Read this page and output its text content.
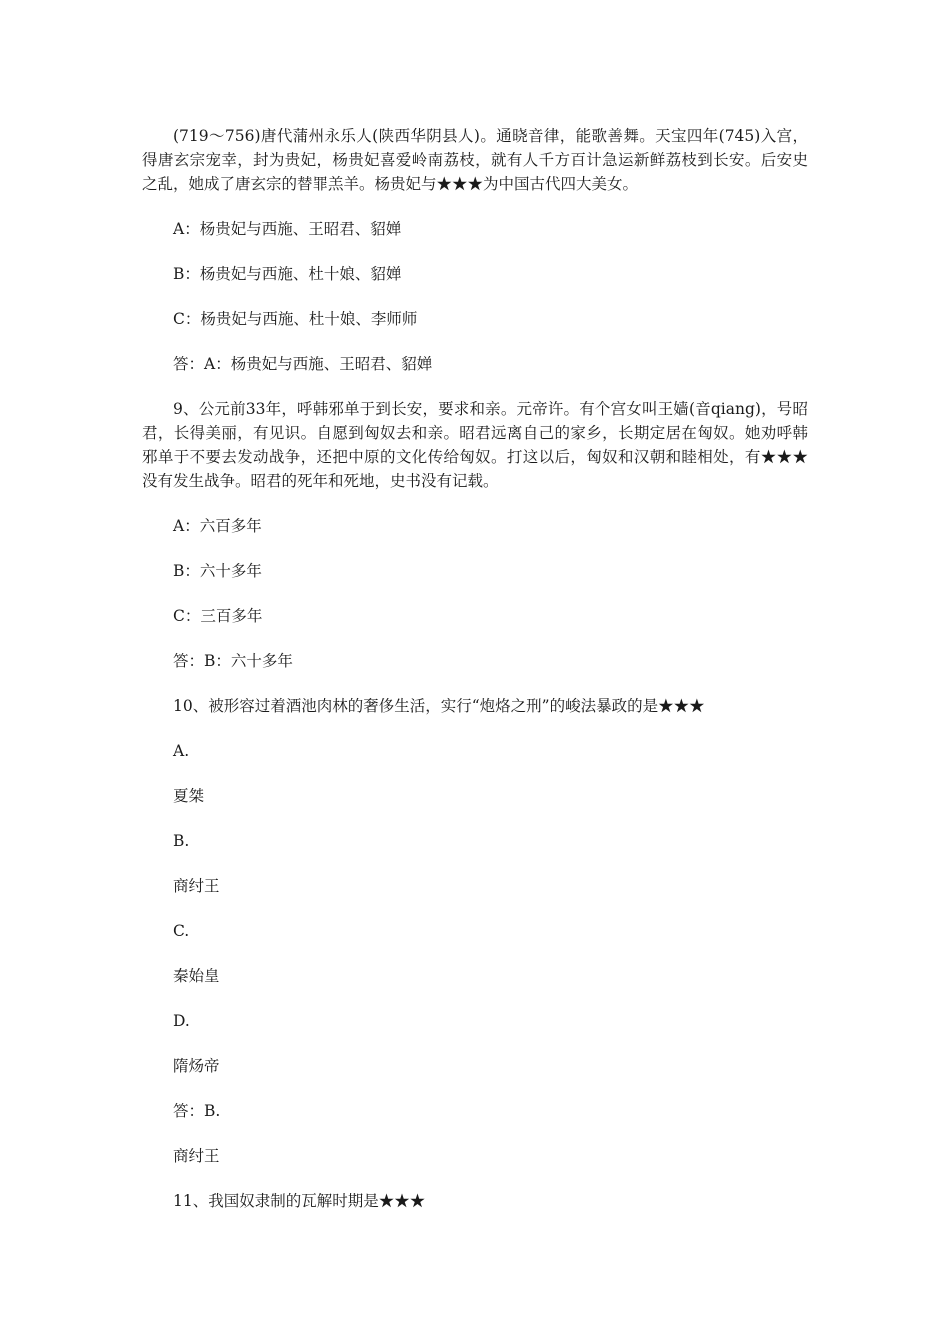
(719～756)唐代蒲州永乐人(陕西华阴县人)。通晓音律，能歌善舞。天宝四年(745)入宫，得唐玄宗宠幸，封为贵妃，杨贵妃喜爱岭南荔枝，就有人千方百计急运新鲜荔枝到长安。后安史之乱，她成了唐玄宗的替罪羔羊。杨贵妃与★★★为中国古代四大美女。

A：杨贵妃与西施、王昭君、貂婵

B：杨贵妃与西施、杜十娘、貂婵

C：杨贵妃与西施、杜十娘、李师师

答：A：杨贵妃与西施、王昭君、貂婵

9、公元前33年，呼韩邪单于到长安，要求和亲。元帝许。有个宫女叫王嫱(音qiang)，号昭君，长得美丽，有见识。自愿到匈奴去和亲。昭君远离自己的家乡，长期定居在匈奴。她劝呼韩邪单于不要去发动战争，还把中原的文化传给匈奴。打这以后，匈奴和汉朝和睦相处，有★★★没有发生战争。昭君的死年和死地，史书没有记载。

A：六百多年

B：六十多年

C：三百多年

答：B：六十多年

10、被形容过着酒池肉林的奢侈生活，实行“炮烙之刑”的峻法暴政的是★★★

A.

夏桀

B.

商纣王

C.

秦始皇

D.

隋炀帝

答：B.

商纣王

11、我国奴隶制的瓦解时期是★★★
